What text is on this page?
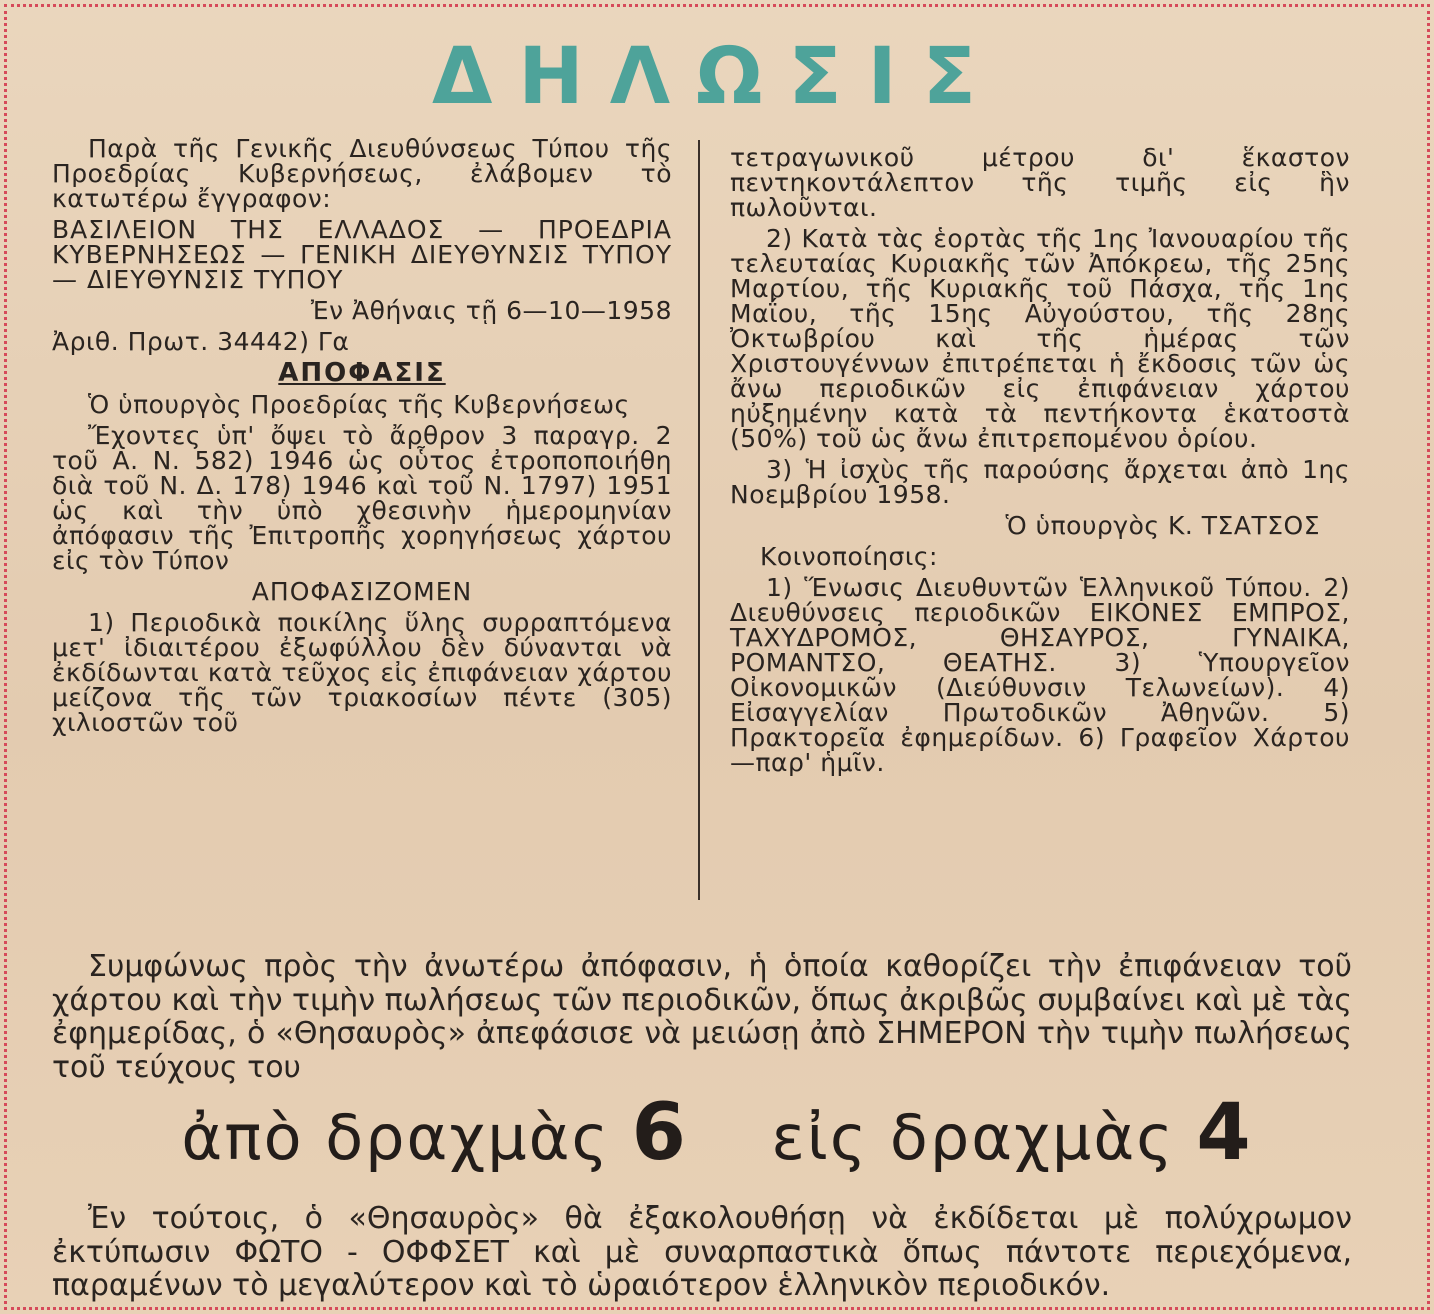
ΔΗΛΩΣΙΣ

Παρὰ τῆς Γενικῆς Διευθύνσεως Τύπου τῆς Προεδρίας Κυβερνήσεως, ἐλάβομεν τὸ κατωτέρω ἔγγραφον:

ΒΑΣΙΛΕΙΟΝ ΤΗΣ ΕΛΛΑΔΟΣ — ΠΡΟΕΔΡΙΑ ΚΥΒΕΡΝΗΣΕΩΣ — ΓΕΝΙΚΗ ΔΙΕΥΘΥΝΣΙΣ ΤΥΠΟΥ — ΔΙΕΥΘΥΝΣΙΣ ΤΥΠΟΥ

Ἐν Ἀθήναις τῇ 6—10—1958

Ἀριθ. Πρωτ. 34442) Γα

ΑΠΟΦΑΣΙΣ

Ὁ ὑπουργὸς Προεδρίας τῆς Κυβερνήσεως

Ἔχοντες ὑπ' ὄψει τὸ ἄρθρον 3 παραγρ. 2 τοῦ Α. Ν. 582) 1946 ὡς οὗτος ἐτροποποιήθη διὰ τοῦ Ν. Δ. 178) 1946 καὶ τοῦ Ν. 1797) 1951 ὡς καὶ τὴν ὑπὸ χθεσινὴν ἡμερομηνίαν ἀπόφασιν τῆς Ἐπιτροπῆς χορηγήσεως χάρτου εἰς τὸν Τύπον

ΑΠΟΦΑΣΙΖΟΜΕΝ

1) Περιοδικὰ ποικίλης ὕλης συρραπτόμενα μετ' ἰδιαιτέρου ἐξωφύλλου δὲν δύνανται νὰ ἐκδίδωνται κατὰ τεῦχος εἰς ἐπιφάνειαν χάρτου μείζονα τῆς τῶν τριακοσίων πέντε (305) χιλιοστῶν τοῦ

τετραγωνικοῦ μέτρου δι' ἕκαστον πεντηκοντάλεπτον τῆς τιμῆς εἰς ἣν πωλοῦνται.

2) Κατὰ τὰς ἑορτὰς τῆς 1ης Ἰανουαρίου τῆς τελευταίας Κυριακῆς τῶν Ἀπόκρεω, τῆς 25ης Μαρτίου, τῆς Κυριακῆς τοῦ Πάσχα, τῆς 1ης Μαΐου, τῆς 15ης Αὐγούστου, τῆς 28ης Ὀκτωβρίου καὶ τῆς ἡμέρας τῶν Χριστουγέννων ἐπιτρέπεται ἡ ἔκδοσις τῶν ὡς ἄνω περιοδικῶν εἰς ἐπιφάνειαν χάρτου ηὐξημένην κατὰ τὰ πεντήκοντα ἑκατοστὰ (50%) τοῦ ὡς ἄνω ἐπιτρεπομένου ὁρίου.

3) Ἡ ἰσχὺς τῆς παρούσης ἄρχεται ἀπὸ 1ης Νοεμβρίου 1958.

Ὁ ὑπουργὸς Κ. ΤΣΑΤΣΟΣ

Κοινοποίησις:

1) Ἕνωσις Διευθυντῶν Ἑλληνικοῦ Τύπου. 2) Διευθύνσεις περιοδικῶν ΕΙΚΟΝΕΣ ΕΜΠΡΟΣ, ΤΑΧΥΔΡΟΜΟΣ, ΘΗΣΑΥΡΟΣ, ΓΥΝΑΙΚΑ, ΡΟΜΑΝΤΣΟ, ΘΕΑΤΗΣ. 3) Ὑπουργεῖον Οἰκονομικῶν (Διεύθυνσιν Τελωνείων). 4) Εἰσαγγελίαν Πρωτοδικῶν Ἀθηνῶν. 5) Πρακτορεῖα ἐφημερίδων. 6) Γραφεῖον Χάρτου—παρ' ἡμῖν.

Συμφώνως πρὸς τὴν ἀνωτέρω ἀπόφασιν, ἡ ὁποία καθορίζει τὴν ἐπιφάνειαν τοῦ χάρτου καὶ τὴν τιμὴν πωλήσεως τῶν περιοδικῶν, ὅπως ἀκριβῶς συμβαίνει καὶ μὲ τὰς ἐφημερίδας, ὁ «Θησαυρὸς» ἀπεφάσισε νὰ μειώσῃ ἀπὸ ΣΗΜΕΡΟΝ τὴν τιμὴν πωλήσεως τοῦ τεύχους του

ἀπὸ δραχμὰς 6 εἰς δραχμὰς 4

Ἐν τούτοις, ὁ «Θησαυρὸς» θὰ ἐξακολουθήσῃ νὰ ἐκδίδεται μὲ πολύχρωμον ἐκτύπωσιν ΦΩΤΟ - ΟΦΦΣΕΤ καὶ μὲ συναρπαστικὰ ὅπως πάντοτε περιεχόμενα, παραμένων τὸ μεγαλύτερον καὶ τὸ ὡραιότερον ἑλληνικὸν περιοδικόν.
